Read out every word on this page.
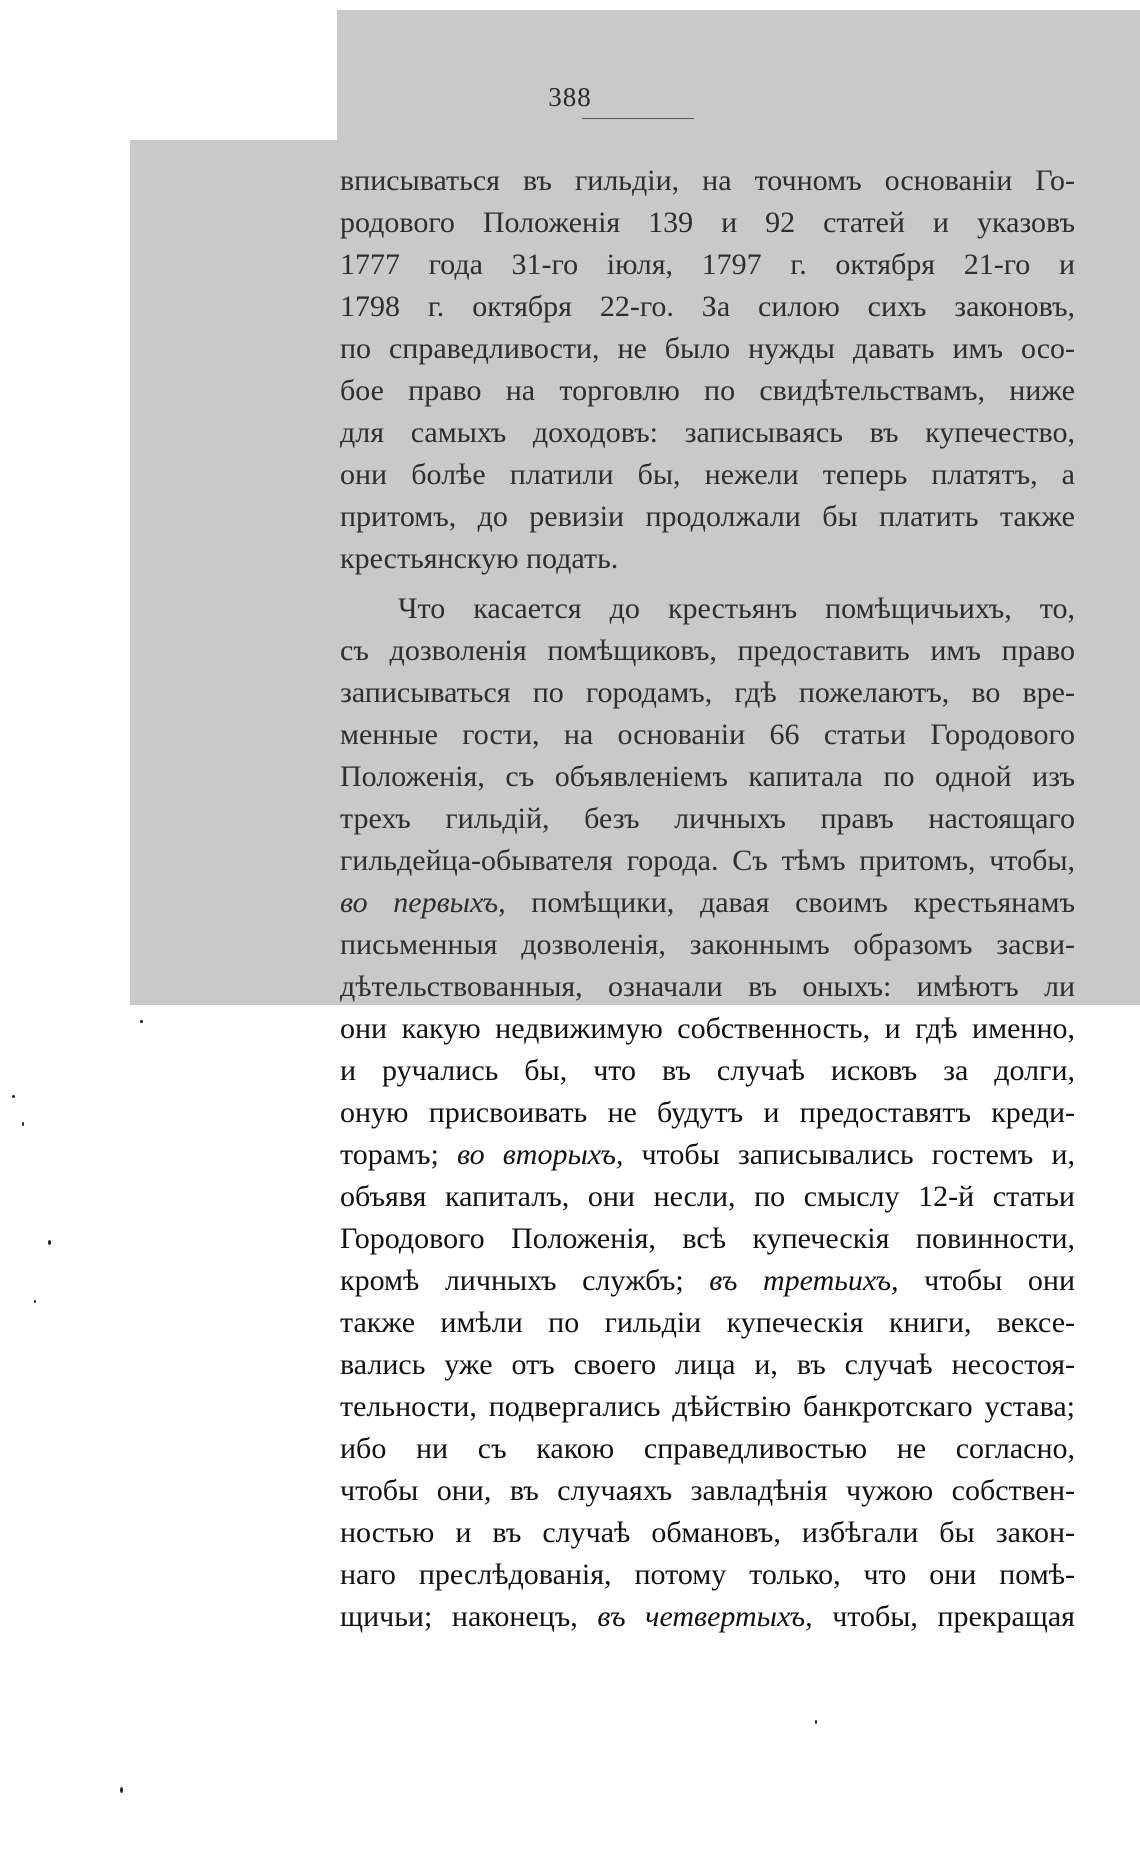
388
вписываться въ гильдiи, на точномъ основанiи Го-
родового Положенiя 139 и 92 статей и указовъ
1777 года 31-го iюля, 1797 г. октября 21-го и
1798 г. октября 22-го. За силою сихъ законовъ,
по справедливости, не было нужды давать имъ осо-
бое право на торговлю по свидѣтельствамъ, ниже
для самыхъ доходовъ: записываясь въ купечество,
они болѣе платили бы, нежели теперь платятъ, а
притомъ, до ревизiи продолжали бы платить также
крестьянскую подать.
Что касается до крестьянъ помѣщичьихъ, то,
съ дозволенiя помѣщиковъ, предоставить имъ право
записываться по городамъ, гдѣ пожелаютъ, во вре-
менные гости, на основанiи 66 статьи Городового
Положенiя, съ объявленiемъ капитала по одной изъ
трехъ гильдiй, безъ личныхъ правъ настоящаго
гильдейца-обывателя города. Съ тѣмъ притомъ, чтобы,
во первыхъ, помѣщики, давая своимъ крестьянамъ
письменныя дозволенiя, законнымъ образомъ засви-
дѣтельствованныя, означали въ оныхъ: имѣютъ ли
они какую недвижимую собственность, и гдѣ именно,
и ручались бы, что въ случаѣ исковъ за долги,
оную присвоивать не будутъ и предоставятъ креди-
торамъ; во вторыхъ, чтобы записывались гостемъ и,
объявя капиталъ, они несли, по смыслу 12-й статьи
Городового Положенiя, всѣ купеческiя повинности,
кромѣ личныхъ службъ; въ третьихъ, чтобы они
также имѣли по гильдiи купеческiя книги, вексе-
вались уже отъ своего лица и, въ случаѣ несостоя-
тельности, подвергались дѣйствiю банкротскаго устава;
ибо ни съ какою справедливостью не согласно,
чтобы они, въ случаяхъ завладѣнiя чужою собствен-
ностью и въ случаѣ обмановъ, избѣгали бы закон-
наго преслѣдованiя, потому только, что они помѣ-
щичьи; наконецъ, въ четвертыхъ, чтобы, прекращая
